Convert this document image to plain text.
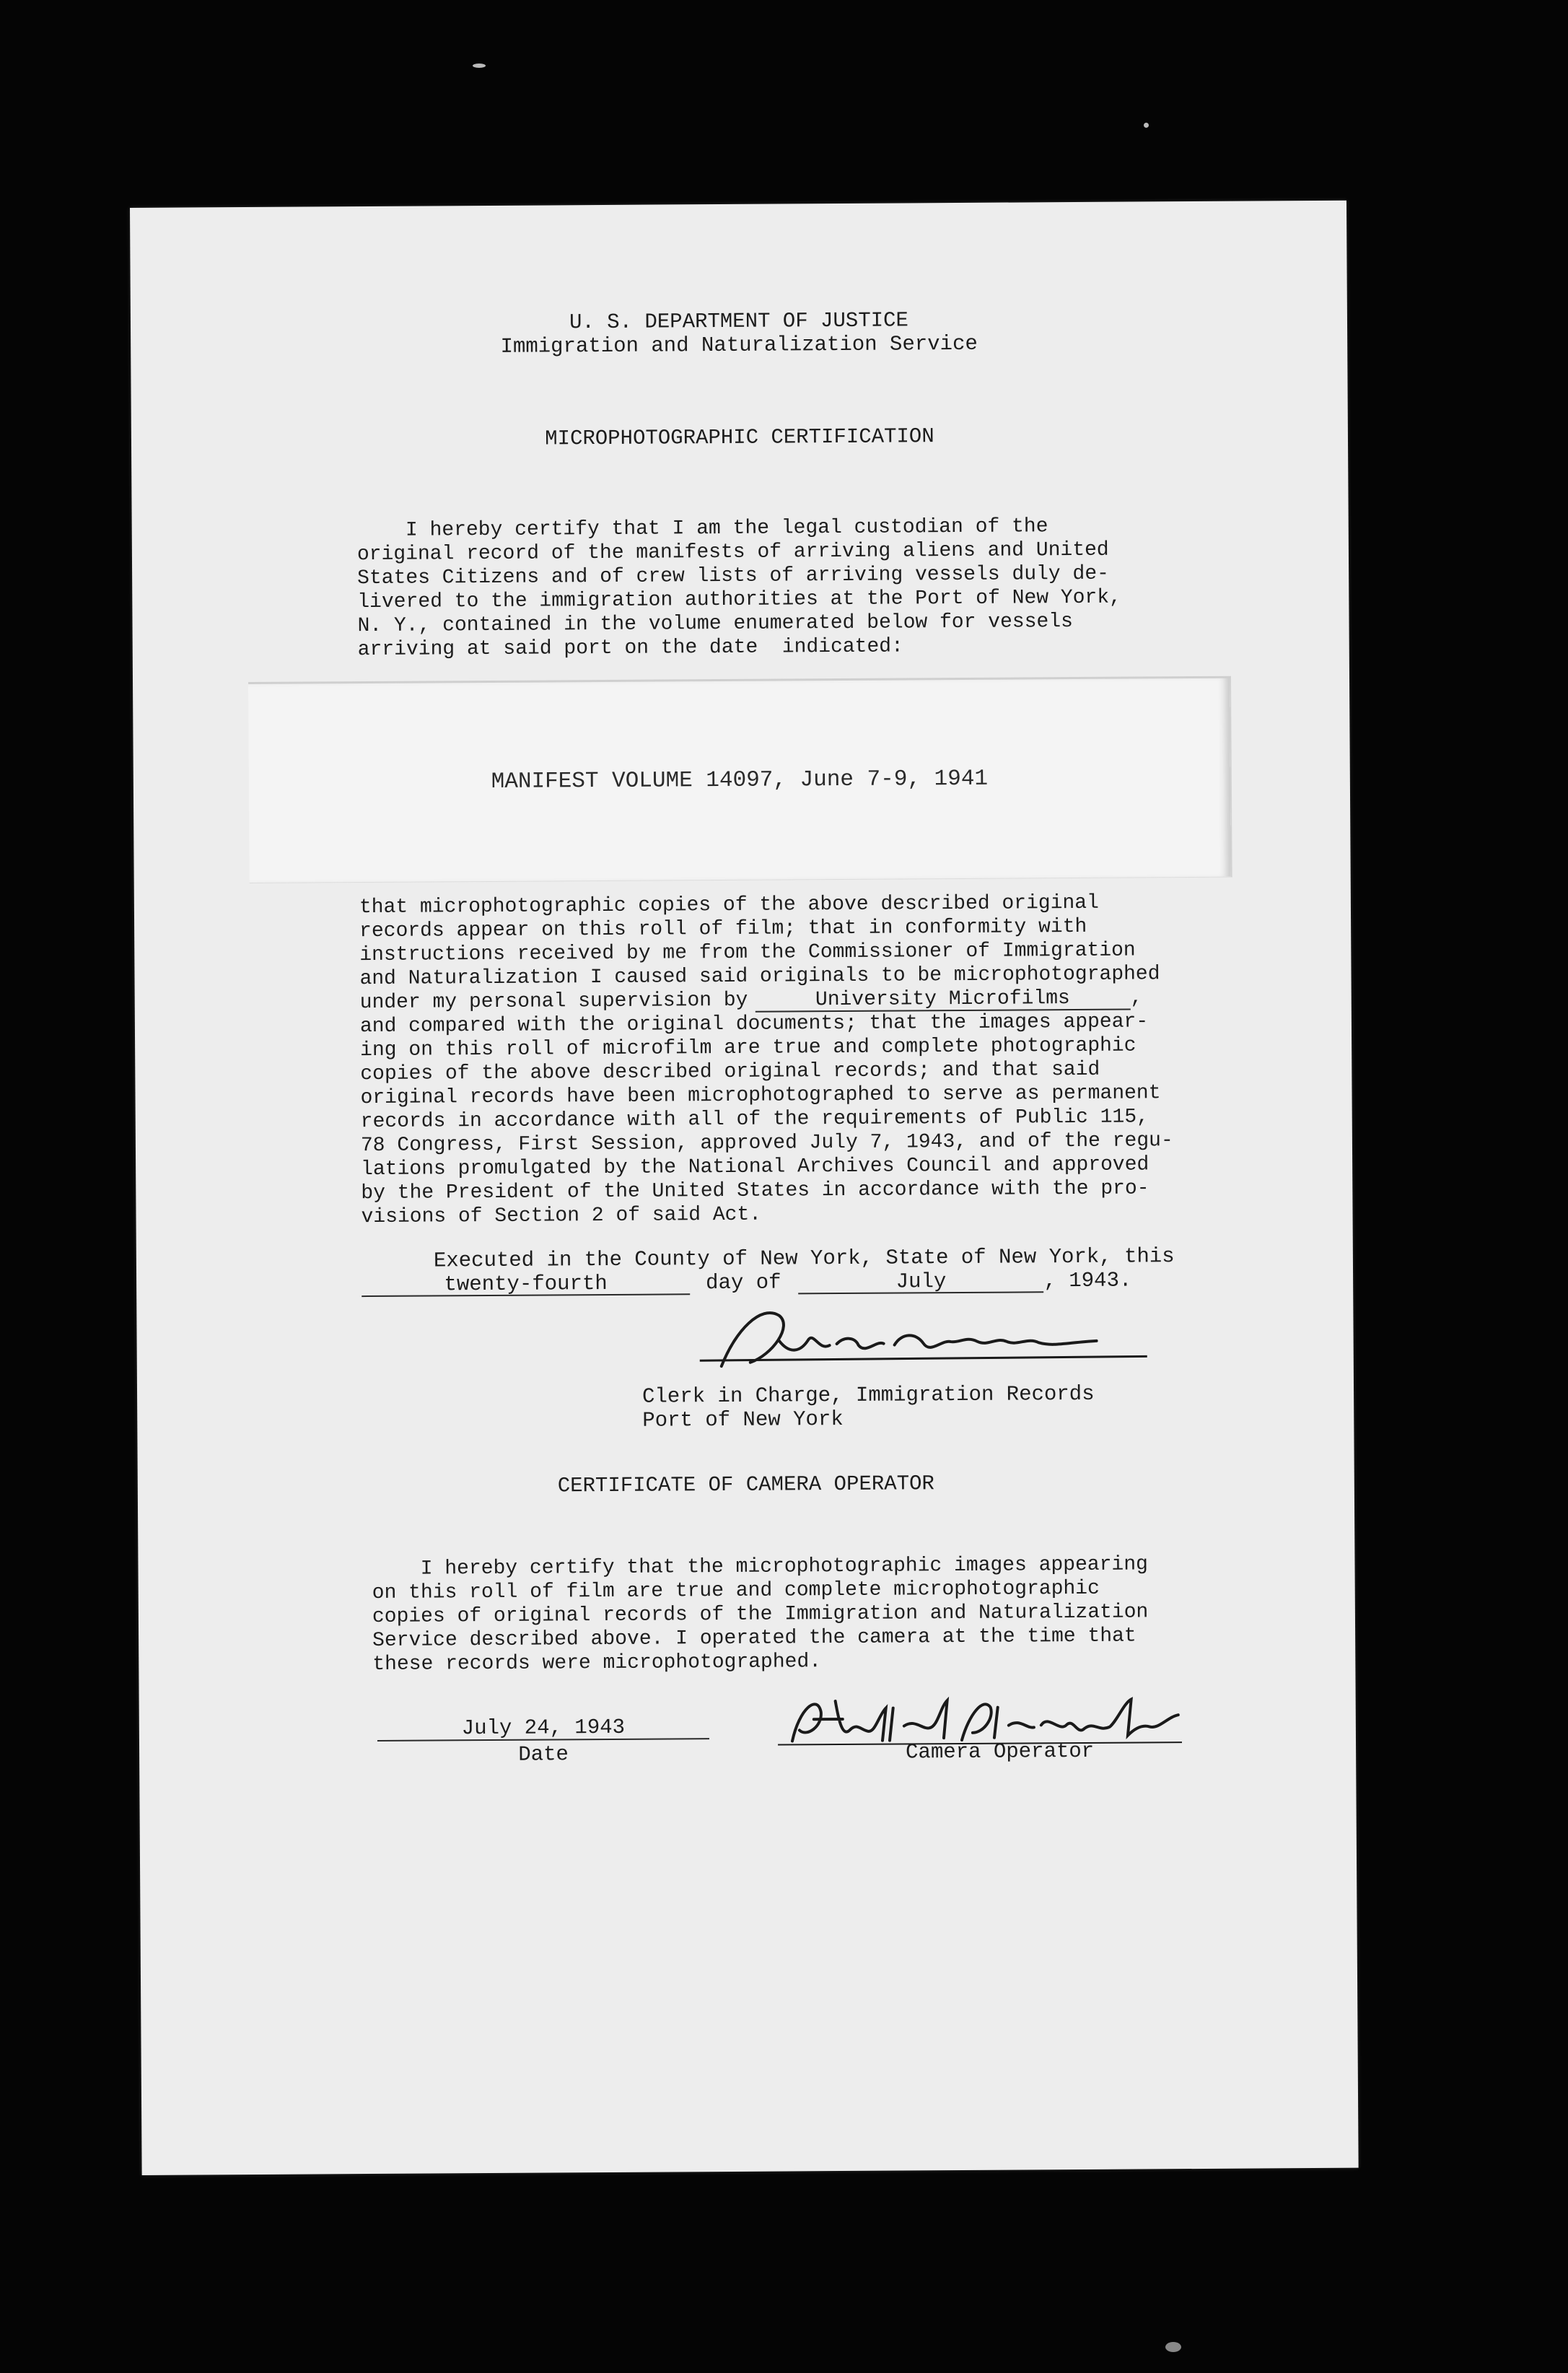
U. S. DEPARTMENT OF JUSTICE
Immigration and Naturalization Service
MICROPHOTOGRAPHIC CERTIFICATION
I hereby certify that I am the legal custodian of the
original record of the manifests of arriving aliens and United
States Citizens and of crew lists of arriving vessels duly de-
livered to the immigration authorities at the Port of New York,
N. Y., contained in the volume enumerated below for vessels
arriving at said port on the date  indicated:
MANIFEST VOLUME 14097, June 7-9, 1941
that microphotographic copies of the above described original
records appear on this roll of film; that in conformity with
instructions received by me from the Commissioner of Immigration
and Naturalization I caused said originals to be microphotographed
under my personal supervision by	University Microfilms	,
and compared with the original documents; that the images appear-
ing on this roll of microfilm are true and complete photographic
copies of the above described original records; and that said
original records have been microphotographed to serve as permanent
records in accordance with all of the requirements of Public 115,
78 Congress, First Session, approved July 7, 1943, and of the regu-
lations promulgated by the National Archives Council and approved
by the President of the United States in accordance with the pro-
visions of Section 2 of said Act.
Executed in the County of New York, State of New York, this
twenty-fourth	day of	July	, 1943.
Clerk in Charge, Immigration Records
Port of New York
CERTIFICATE OF CAMERA OPERATOR
I hereby certify that the microphotographic images appearing
on this roll of film are true and complete microphotographic
copies of original records of the Immigration and Naturalization
Service described above. I operated the camera at the time that
these records were microphotographed.
July 24, 1943
Date	Camera Operator
